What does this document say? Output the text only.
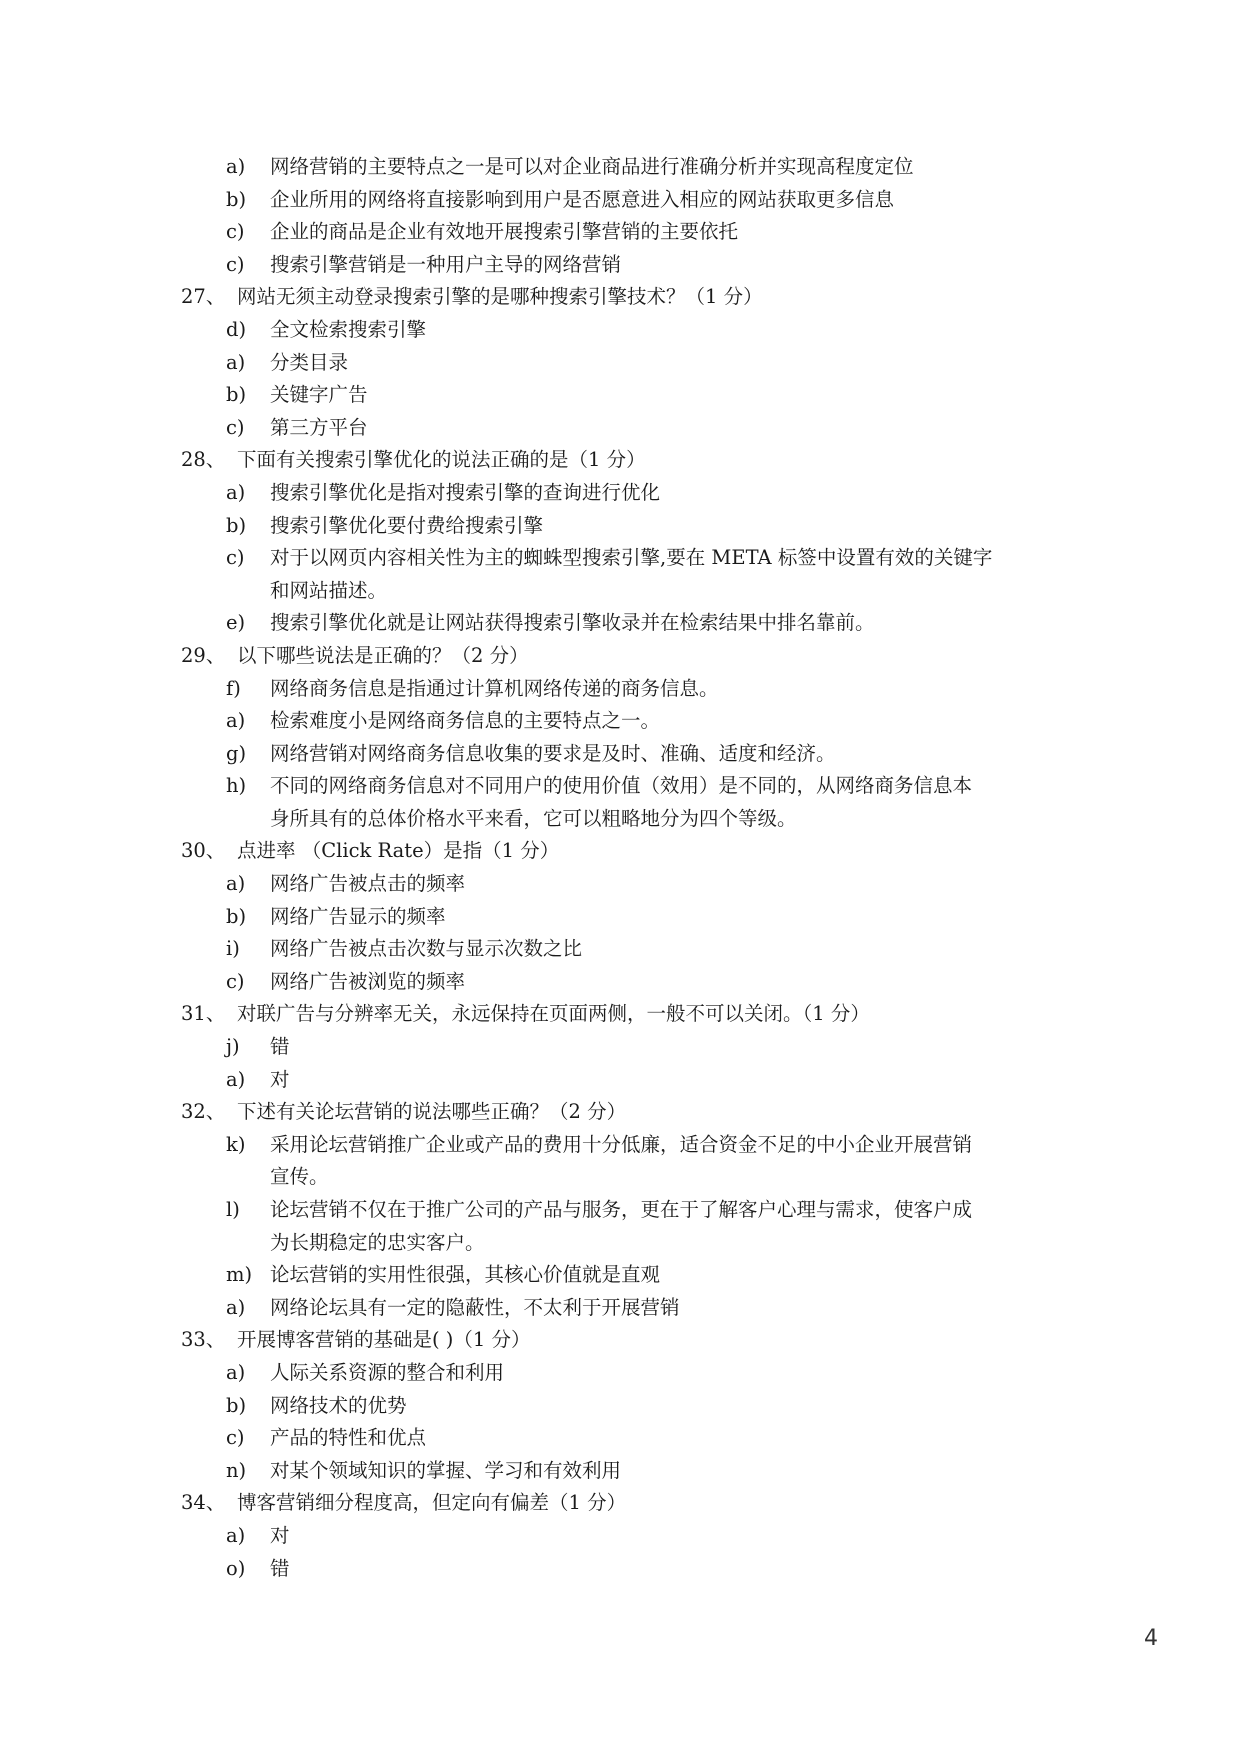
a) 网络营销的主要特点之一是可以对企业商品进行准确分析并实现高程度定位
b) 企业所用的网络将直接影响到用户是否愿意进入相应的网站获取更多信息
c) 企业的商品是企业有效地开展搜索引擎营销的主要依托
c) 搜索引擎营销是一种用户主导的网络营销
27、 网站无须主动登录搜索引擎的是哪种搜索引擎技术？（1 分）
d) 全文检索搜索引擎
a) 分类目录
b) 关键字广告
c) 第三方平台
28、 下面有关搜索引擎优化的说法正确的是（1 分）
a) 搜索引擎优化是指对搜索引擎的查询进行优化
b) 搜索引擎优化要付费给搜索引擎
c) 对于以网页内容相关性为主的蜘蛛型搜索引擎,要在 META 标签中设置有效的关键字
和网站描述。
e) 搜索引擎优化就是让网站获得搜索引擎收录并在检索结果中排名靠前。
29、 以下哪些说法是正确的？（2 分）
f) 网络商务信息是指通过计算机网络传递的商务信息。
a) 检索难度小是网络商务信息的主要特点之一。
g) 网络营销对网络商务信息收集的要求是及时、准确、适度和经济。
h) 不同的网络商务信息对不同用户的使用价值（效用）是不同的，从网络商务信息本
身所具有的总体价格水平来看，它可以粗略地分为四个等级。
30、 点进率 （Click Rate）是指（1 分）
a) 网络广告被点击的频率
b) 网络广告显示的频率
i) 网络广告被点击次数与显示次数之比
c) 网络广告被浏览的频率
31、 对联广告与分辨率无关，永远保持在页面两侧，一般不可以关闭。（1 分）
j) 错
a) 对
32、 下述有关论坛营销的说法哪些正确？（2 分）
k) 采用论坛营销推广企业或产品的费用十分低廉，适合资金不足的中小企业开展营销
宣传。
l) 论坛营销不仅在于推广公司的产品与服务，更在于了解客户心理与需求，使客户成
为长期稳定的忠实客户。
m) 论坛营销的实用性很强，其核心价值就是直观
a) 网络论坛具有一定的隐蔽性，不太利于开展营销
33、 开展博客营销的基础是( )（1 分）
a) 人际关系资源的整合和利用
b) 网络技术的优势
c) 产品的特性和优点
n) 对某个领域知识的掌握、学习和有效利用
34、 博客营销细分程度高，但定向有偏差（1 分）
a) 对
o) 错
4
